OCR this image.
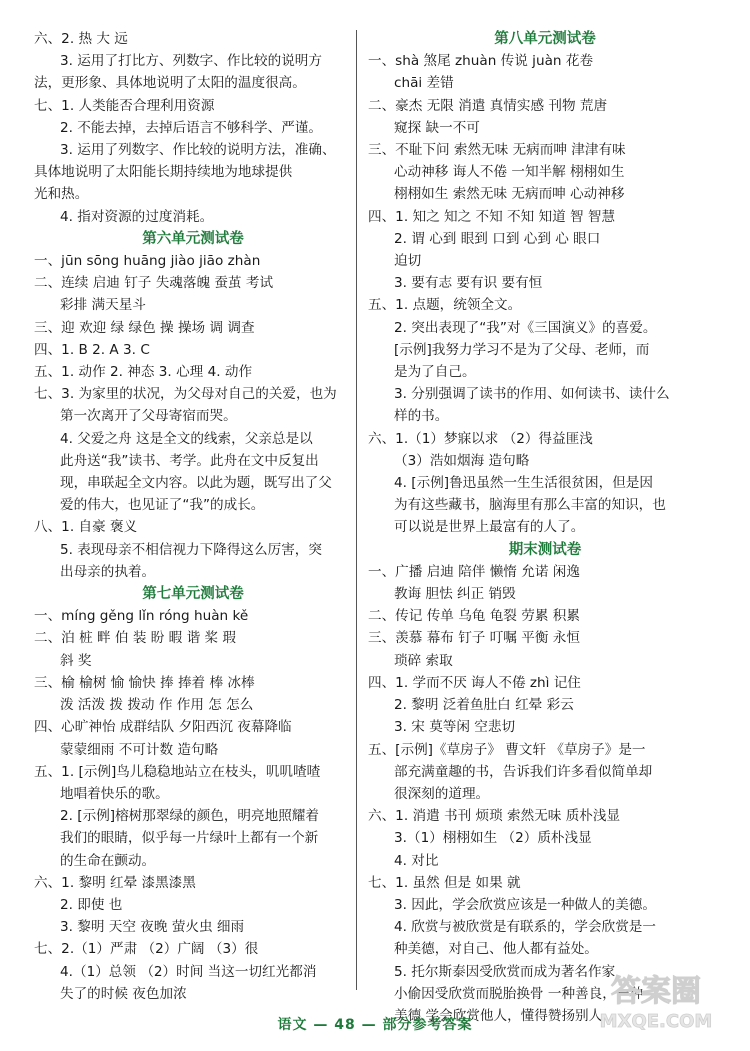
六、2. 热 大 远
3. 运用了打比方、列数字、作比较的说明方
法，更形象、具体地说明了太阳的温度很高。
七、1. 人类能否合理利用资源
2. 不能去掉，去掉后语言不够科学、严谨。
3. 运用了列数字、作比较的说明方法，准确、
具体地说明了太阳能长期持续地为地球提供
光和热。
4. 指对资源的过度消耗。
第六单元测试卷
一、jūn sōng huāng jiào jiāo zhàn
二、连续 启迪 钉子 失魂落魄 蚕茧 考试
彩排 满天星斗
三、迎 欢迎 绿 绿色 操 操场 调 调查
四、1. B 2. A 3. C
五、1. 动作 2. 神态 3. 心理 4. 动作
七、3. 为家里的状况，为父母对自己的关爱，也为
第一次离开了父母寄宿而哭。
4. 父爱之舟 这是全文的线索，父亲总是以
此舟送“我”读书、考学。此舟在文中反复出
现，串联起全文内容。以此为题，既写出了父
爱的伟大，也见证了“我”的成长。
八、1. 自豪 褒义
5. 表现母亲不相信视力下降得这么厉害，突
出母亲的执着。
第七单元测试卷
一、míng gěng lǐn róng huàn kě
二、泊 桩 畔 伯 装 盼 暇 谐 桨 瑕
斜 奖
三、榆 榆树 愉 愉快 捧 捧着 棒 冰棒
泼 活泼 拨 拨动 作 作用 怎 怎么
四、心旷神怡 成群结队 夕阳西沉 夜幕降临
蒙蒙细雨 不可计数 造句略
五、1. [示例]鸟儿稳稳地站立在枝头，叽叽喳喳
地唱着快乐的歌。
2. [示例]榕树那翠绿的颜色，明亮地照耀着
我们的眼睛，似乎每一片绿叶上都有一个新
的生命在颤动。
六、1. 黎明 红晕 漆黑漆黑
2. 即使 也
3. 黎明 天空 夜晚 萤火虫 细雨
七、2.（1）严肃 （2）广阔 （3）很
4.（1）总领 （2）时间 当这一切红光都消
失了的时候 夜色加浓
第八单元测试卷
一、shà 煞尾 zhuàn 传说 juàn 花卷
chāi 差错
二、豪杰 无限 消遣 真情实感 刊物 荒唐
窥探 缺一不可
三、不耻下问 索然无味 无病而呻 津津有味
心动神移 诲人不倦 一知半解 栩栩如生
栩栩如生 索然无味 无病而呻 心动神移
四、1. 知之 知之 不知 不知 知道 智 智慧
2. 谓 心到 眼到 口到 心到 心 眼口
迫切
3. 要有志 要有识 要有恒
五、1. 点题，统领全文。
2. 突出表现了“我”对《三国演义》的喜爱。
[示例]我努力学习不是为了父母、老师，而
是为了自己。
3. 分别强调了读书的作用、如何读书、读什么
样的书。
六、1.（1）梦寐以求 （2）得益匪浅
（3）浩如烟海 造句略
4. [示例]鲁迅虽然一生生活很贫困，但是因
为有这些藏书，脑海里有那么丰富的知识，也
可以说是世界上最富有的人了。
期末测试卷
一、广播 启迪 陪伴 懒惰 允诺 闲逸
教诲 胆怯 纠正 销毁
二、传记 传单 乌龟 龟裂 劳累 积累
三、羡慕 幕布 钉子 叮嘱 平衡 永恒
琐碎 索取
四、1. 学而不厌 诲人不倦 zhì 记住
2. 黎明 泛着鱼肚白 红晕 彩云
3. 宋 莫等闲 空悲切
五、[示例]《草房子》 曹文轩 《草房子》是一
部充满童趣的书，告诉我们许多看似简单却
很深刻的道理。
六、1. 消遣 书刊 烦琐 索然无味 质朴浅显
3.（1）栩栩如生 （2）质朴浅显
4. 对比
七、1. 虽然 但是 如果 就
3. 因此，学会欣赏应该是一种做人的美德。
4. 欣赏与被欣赏是有联系的，学会欣赏是一
种美德，对自己、他人都有益处。
5. 托尔斯泰因受欣赏而成为著名作家
小偷因受欣赏而脱胎换骨 一种善良，一种
美德 学会欣赏他人，懂得赞扬别人
语文 — 48 — 部分参考答案
答案圈
MXQE.COM
